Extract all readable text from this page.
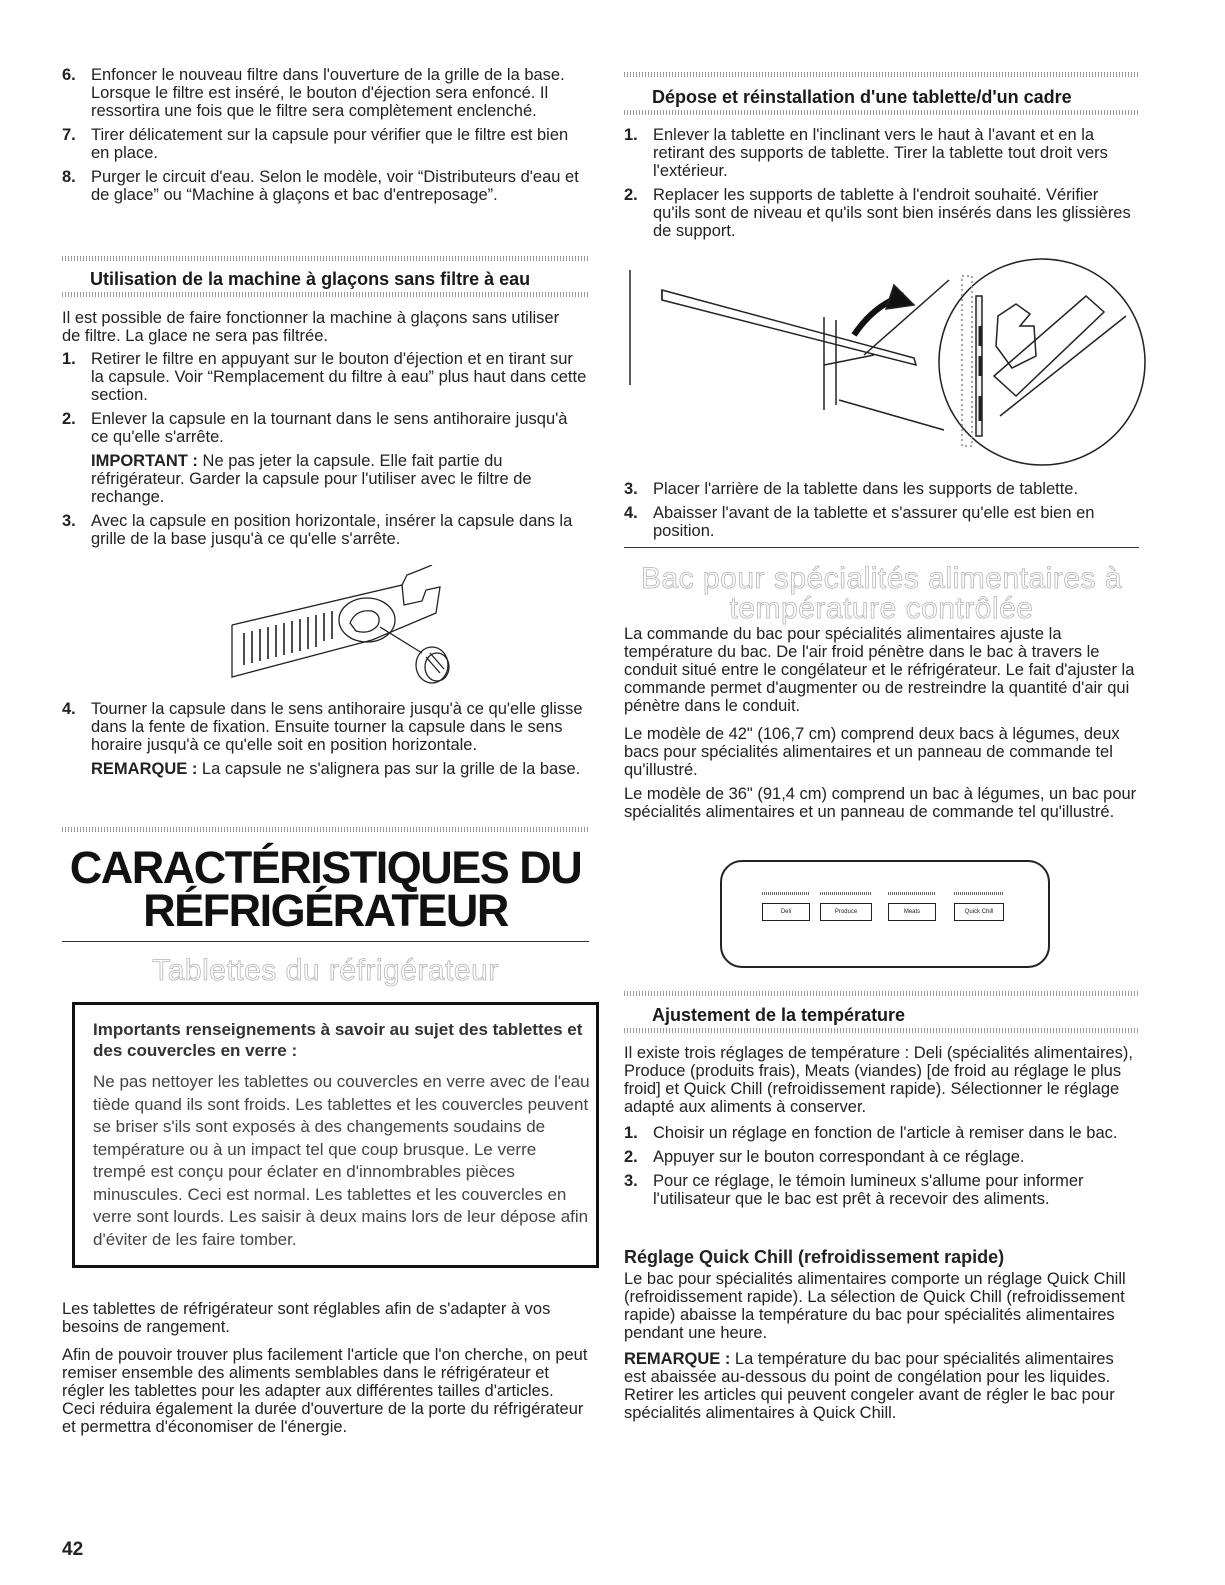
6. Enfoncer le nouveau filtre dans l'ouverture de la grille de la base. Lorsque le filtre est inséré, le bouton d'éjection sera enfoncé. Il ressortira une fois que le filtre sera complètement enclenché.
7. Tirer délicatement sur la capsule pour vérifier que le filtre est bien en place.
8. Purger le circuit d'eau. Selon le modèle, voir “Distributeurs d'eau et de glace” ou “Machine à glaçons et bac d'entreposage”.
Utilisation de la machine à glaçons sans filtre à eau

Il est possible de faire fonctionner la machine à glaçons sans utiliser de filtre. La glace ne sera pas filtrée.

1. Retirer le filtre en appuyant sur le bouton d'éjection et en tirant sur la capsule. Voir “Remplacement du filtre à eau” plus haut dans cette section.
2. Enlever la capsule en la tournant dans le sens antihoraire jusqu'à ce qu'elle s'arrête.
IMPORTANT : Ne pas jeter la capsule. Elle fait partie du réfrigérateur. Garder la capsule pour l'utiliser avec le filtre de rechange.
3. Avec la capsule en position horizontale, insérer la capsule dans la grille de la base jusqu'à ce qu'elle s'arrête.
4. Tourner la capsule dans le sens antihoraire jusqu'à ce qu'elle glisse dans la fente de fixation. Ensuite tourner la capsule dans le sens horaire jusqu'à ce qu'elle soit en position horizontale.
REMARQUE : La capsule ne s'alignera pas sur la grille de la base.
CARACTÉRISTIQUES DU
RÉFRIGÉRATEUR
Tablettes du réfrigérateur
Importants renseignements à savoir au sujet des tablettes et des couvercles en verre :
Ne pas nettoyer les tablettes ou couvercles en verre avec de l'eau tiède quand ils sont froids. Les tablettes et les couvercles peuvent se briser s'ils sont exposés à des changements soudains de température ou à un impact tel que coup brusque. Le verre trempé est conçu pour éclater en d'innombrables pièces minuscules. Ceci est normal. Les tablettes et les couvercles en verre sont lourds. Les saisir à deux mains lors de leur dépose afin d'éviter de les faire tomber.

Les tablettes de réfrigérateur sont réglables afin de s'adapter à vos besoins de rangement.

Afin de pouvoir trouver plus facilement l'article que l'on cherche, on peut remiser ensemble des aliments semblables dans le réfrigérateur et régler les tablettes pour les adapter aux différentes tailles d'articles. Ceci réduira également la durée d'ouverture de la porte du réfrigérateur et permettra d'économiser de l'énergie.

42
Dépose et réinstallation d'une tablette/d'un cadre
1. Enlever la tablette en l'inclinant vers le haut à l'avant et en la retirant des supports de tablette. Tirer la tablette tout droit vers l'extérieur.
2. Replacer les supports de tablette à l'endroit souhaité. Vérifier qu'ils sont de niveau et qu'ils sont bien insérés dans les glissières de support.
3. Placer l'arrière de la tablette dans les supports de tablette.
4. Abaisser l'avant de la tablette et s'assurer qu'elle est bien en position.
Bac pour spécialités alimentaires à
température contrôlée

La commande du bac pour spécialités alimentaires ajuste la température du bac. De l'air froid pénètre dans le bac à travers le conduit situé entre le congélateur et le réfrigérateur. Le fait d'ajuster la commande permet d'augmenter ou de restreindre la quantité d'air qui pénètre dans le conduit.

Le modèle de 42" (106,7 cm) comprend deux bacs à légumes, deux bacs pour spécialités alimentaires et un panneau de commande tel qu'illustré.

Le modèle de 36" (91,4 cm) comprend un bac à légumes, un bac pour spécialités alimentaires et un panneau de commande tel qu'illustré.

Deli	Produce	Meats	Quick Chill
Ajustement de la température

Il existe trois réglages de température : Deli (spécialités alimentaires), Produce (produits frais), Meats (viandes) [de froid au réglage le plus froid] et Quick Chill (refroidissement rapide). Sélectionner le réglage adapté aux aliments à conserver.

1. Choisir un réglage en fonction de l'article à remiser dans le bac.
2. Appuyer sur le bouton correspondant à ce réglage.
3. Pour ce réglage, le témoin lumineux s'allume pour informer l'utilisateur que le bac est prêt à recevoir des aliments.
Réglage Quick Chill (refroidissement rapide)

Le bac pour spécialités alimentaires comporte un réglage Quick Chill (refroidissement rapide). La sélection de Quick Chill (refroidissement rapide) abaisse la température du bac pour spécialités alimentaires pendant une heure.

REMARQUE : La température du bac pour spécialités alimentaires est abaissée au-dessous du point de congélation pour les liquides. Retirer les articles qui peuvent congeler avant de régler le bac pour spécialités alimentaires à Quick Chill.
